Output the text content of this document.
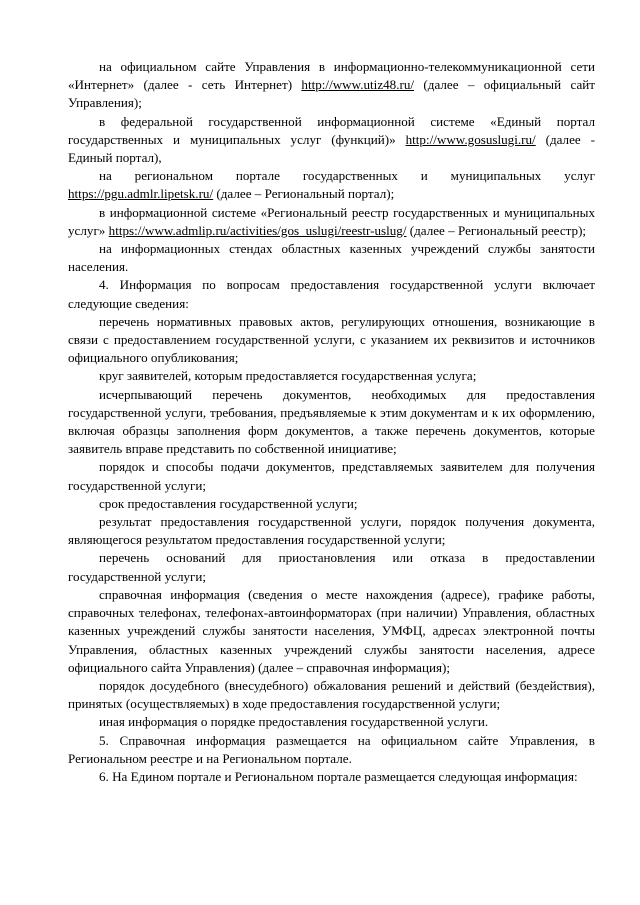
на официальном сайте Управления в информационно-телекоммуникационной сети «Интернет» (далее - сеть Интернет) http://www.utiz48.ru/ (далее – официальный сайт Управления);

в федеральной государственной информационной системе «Единый портал государственных и муниципальных услуг (функций)» http://www.gosuslugi.ru/ (далее - Единый портал),

на региональном портале государственных и муниципальных услуг https://pgu.admlr.lipetsk.ru/ (далее – Региональный портал);

в информационной системе «Региональный реестр государственных и муниципальных услуг» https://www.admlip.ru/activities/gos_uslugi/reestr-uslug/ (далее – Региональный реестр);

на информационных стендах областных казенных учреждений службы занятости населения.

4. Информация по вопросам предоставления государственной услуги включает следующие сведения:

перечень нормативных правовых актов, регулирующих отношения, возникающие в связи с предоставлением государственной услуги, с указанием их реквизитов и источников официального опубликования;

круг заявителей, которым предоставляется государственная услуга;

исчерпывающий перечень документов, необходимых для предоставления государственной услуги, требования, предъявляемые к этим документам и к их оформлению, включая образцы заполнения форм документов, а также перечень документов, которые заявитель вправе представить по собственной инициативе;

порядок и способы подачи документов, представляемых заявителем для получения государственной услуги;

срок предоставления государственной услуги;

результат предоставления государственной услуги, порядок получения документа, являющегося результатом предоставления государственной услуги;

перечень оснований для приостановления или отказа в предоставлении государственной услуги;

справочная информация (сведения о месте нахождения (адресе), графике работы, справочных телефонах, телефонах-автоинформаторах (при наличии) Управления, областных казенных учреждений службы занятости населения, УМФЦ, адресах электронной почты Управления, областных казенных учреждений службы занятости населения, адресе официального сайта Управления) (далее – справочная информация);

порядок досудебного (внесудебного) обжалования решений и действий (бездействия), принятых (осуществляемых) в ходе предоставления государственной услуги;

иная информация о порядке предоставления государственной услуги.

5. Справочная информация размещается на официальном сайте Управления, в Региональном реестре и на Региональном портале.

6. На Едином портале и Региональном портале размещается следующая информация:
